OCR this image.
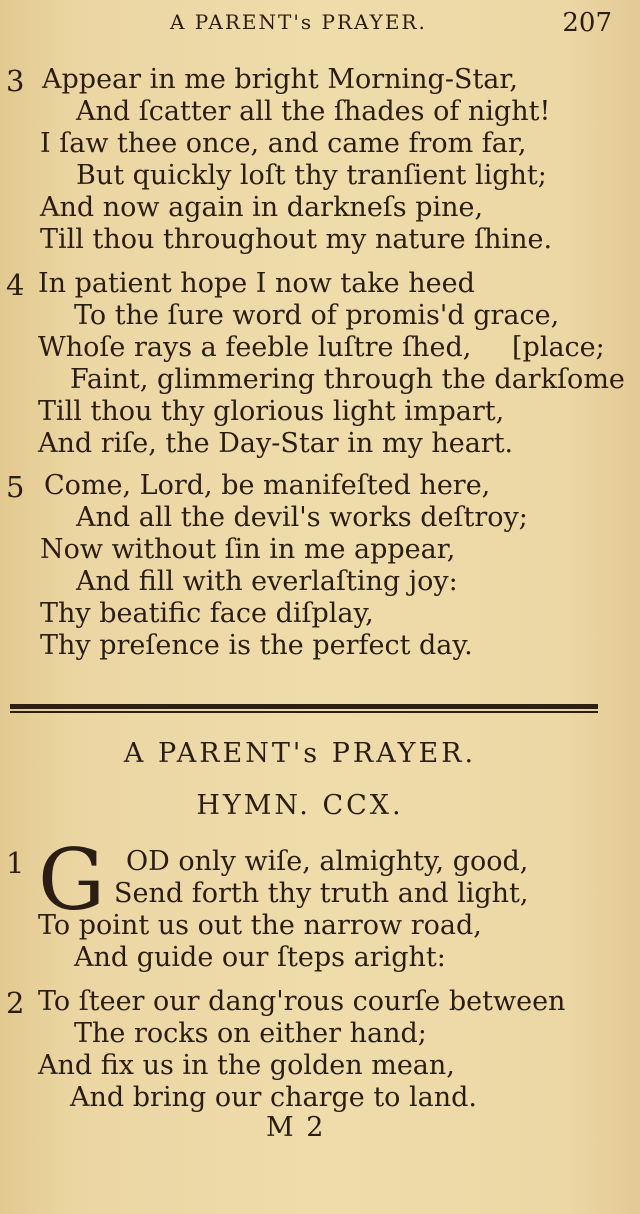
A PARENT's PRAYER.	207
3 Appear in me bright Morning-Star,
And ſcatter all the ſhades of night!
I ſaw thee once, and came from far,
But quickly loſt thy tranſient light;
And now again in darkneſs pine,
Till thou throughout my nature ſhine.
4 In patient hope I now take heed
To the ſure word of promis'd grace,
Whoſe rays a feeble luſtre ſhed, [place;
Faint, glimmering through the darkſome
Till thou thy glorious light impart,
And riſe, the Day-Star in my heart.
5 Come, Lord, be manifeſted here,
And all the devil's works deſtroy;
Now without ſin in me appear,
And fill with everlaſting joy:
Thy beatific face diſplay,
Thy preſence is the perfect day.
A PARENT's PRAYER.
HYMN. CCX.
1	OD only wiſe, almighty, good,
Send forth thy truth and light,
To point us out the narrow road,
And guide our ſteps aright:
G
2 To ſteer our dang'rous courſe between
The rocks on either hand;
And fix us in the golden mean,
And bring our charge to land.
M 2
